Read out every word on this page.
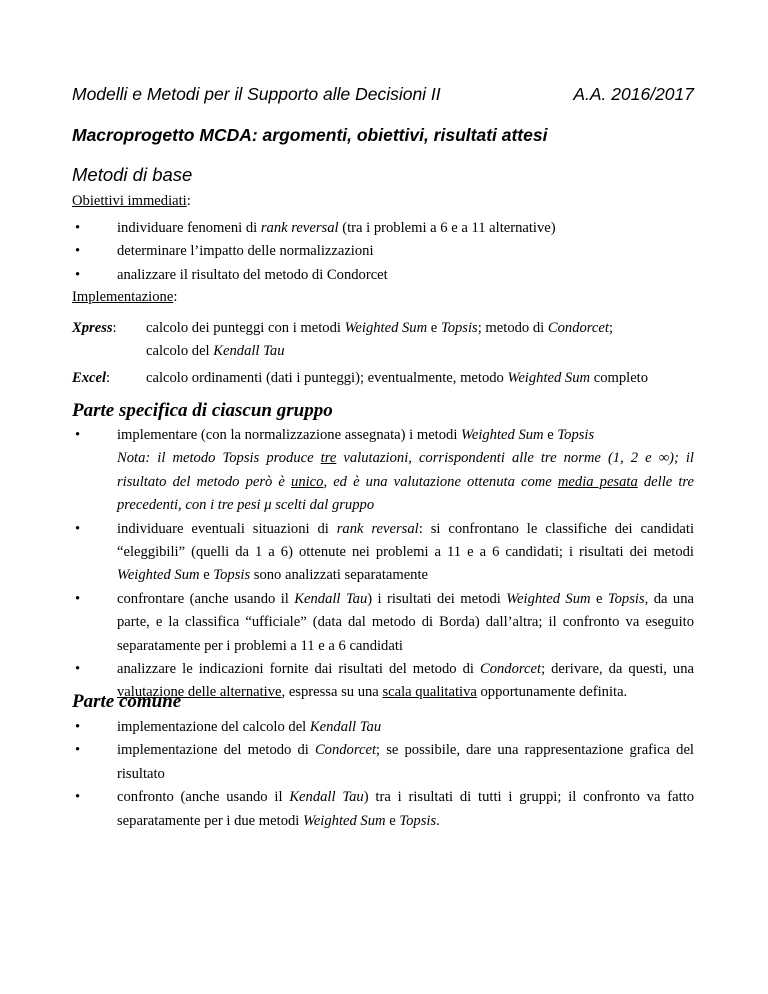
Modelli e Metodi per il Supporto alle Decisioni II	A.A. 2016/2017
Macroprogetto MCDA: argomenti, obiettivi, risultati attesi
Metodi di base
Obiettivi immediati:
•	individuare fenomeni di rank reversal (tra i problemi a 6 e a 11 alternative)
•	determinare l’impatto delle normalizzazioni
•	analizzare il risultato del metodo di Condorcet
Implementazione:
Xpress: calcolo dei punteggi con i metodi Weighted Sum e Topsis; metodo di Condorcet;
calcolo del Kendall Tau
Excel: calcolo ordinamenti (dati i punteggi); eventualmente, metodo Weighted Sum completo
Parte specifica di ciascun gruppo
•	implementare (con la normalizzazione assegnata) i metodi Weighted Sum e Topsis
Nota: il metodo Topsis produce tre valutazioni, corrispondenti alle tre norme (1, 2 e ∞); il risultato del metodo però è unico, ed è una valutazione ottenuta come media pesata delle tre precedenti, con i tre pesi μ scelti dal gruppo
•	individuare eventuali situazioni di rank reversal: si confrontano le classifiche dei candidati “eleggibili” (quelli da 1 a 6) ottenute nei problemi a 11 e a 6 candidati; i risultati dei metodi Weighted Sum e Topsis sono analizzati separatamente
•	confrontare (anche usando il Kendall Tau) i risultati dei metodi Weighted Sum e Topsis, da una parte, e la classifica “ufficiale” (data dal metodo di Borda) dall’altra; il confronto va eseguito separatamente per i problemi a 11 e a 6 candidati
•	analizzare le indicazioni fornite dai risultati del metodo di Condorcet; derivare, da questi, una valutazione delle alternative, espressa su una scala qualitativa opportunamente definita.
Parte comune
•	implementazione del calcolo del Kendall Tau
•	implementazione del metodo di Condorcet; se possibile, dare una rappresentazione grafica del risultato
•	confronto (anche usando il Kendall Tau) tra i risultati di tutti i gruppi; il confronto va fatto separatamente per i due metodi Weighted Sum e Topsis.
